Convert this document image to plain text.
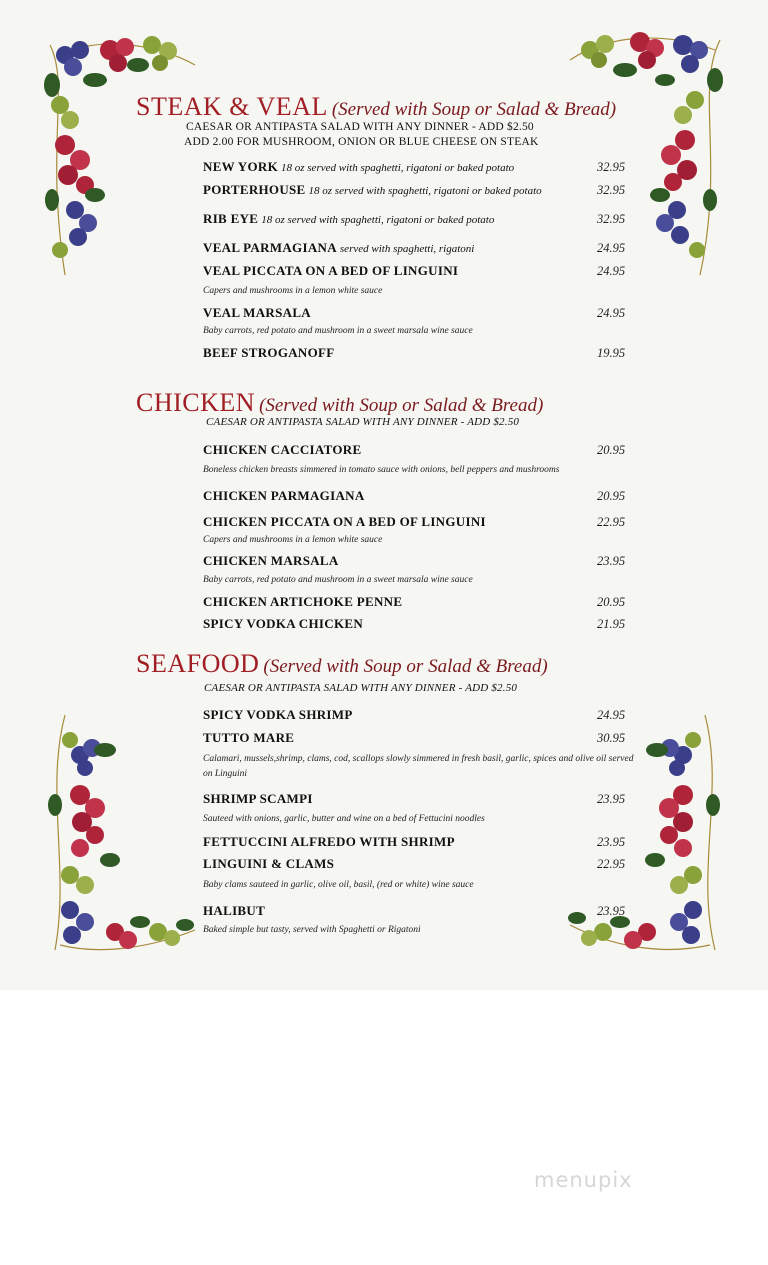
STEAK & VEAL (Served with Soup or Salad & Bread)
CAESAR OR ANTIPASTA SALAD WITH ANY DINNER - ADD $2.50
ADD 2.00 FOR MUSHROOM, ONION OR BLUE CHEESE ON STEAK
NEW YORK 18 oz served with spaghetti, rigatoni or baked potato	32.95
PORTERHOUSE 18 oz served with spaghetti, rigatoni or baked potato	32.95
RIB EYE 18 oz served with spaghetti, rigatoni or baked potato	32.95
VEAL PARMAGIANA served with spaghetti, rigatoni	24.95
VEAL PICCATA ON A BED OF LINGUINI	24.95
Capers and mushrooms in a lemon white sauce
VEAL MARSALA	24.95
Baby carrots, red potato and mushroom in a sweet marsala wine sauce
BEEF STROGANOFF	19.95
CHICKEN (Served with Soup or Salad & Bread)
CAESAR OR ANTIPASTA SALAD WITH ANY DINNER - ADD $2.50
CHICKEN CACCIATORE	20.95
Boneless chicken breasts simmered in tomato sauce with onions, bell peppers and mushrooms
CHICKEN PARMAGIANA	20.95
CHICKEN PICCATA ON A BED OF LINGUINI	22.95
Capers and mushrooms in a lemon white sauce
CHICKEN MARSALA	23.95
Baby carrots, red potato and mushroom in a sweet marsala wine sauce
CHICKEN ARTICHOKE PENNE	20.95
SPICY VODKA CHICKEN	21.95
SEAFOOD (Served with Soup or Salad & Bread)
CAESAR OR ANTIPASTA SALAD WITH ANY DINNER - ADD $2.50
SPICY VODKA SHRIMP	24.95
TUTTO MARE	30.95
Calamari, mussels,shrimp, clams, cod, scallops slowly simmered in fresh basil, garlic, spices and olive oil served on Linguini
SHRIMP SCAMPI	23.95
Sauteed with onions, garlic, butter and wine on a bed of Fettucini noodles
FETTUCCINI ALFREDO WITH SHRIMP	23.95
LINGUINI & CLAMS	22.95
Baby clams sauteed in garlic, olive oil, basil, (red or white) wine sauce
HALIBUT	23.95
Baked simple but tasty, served with Spaghetti or Rigatoni
menupix
